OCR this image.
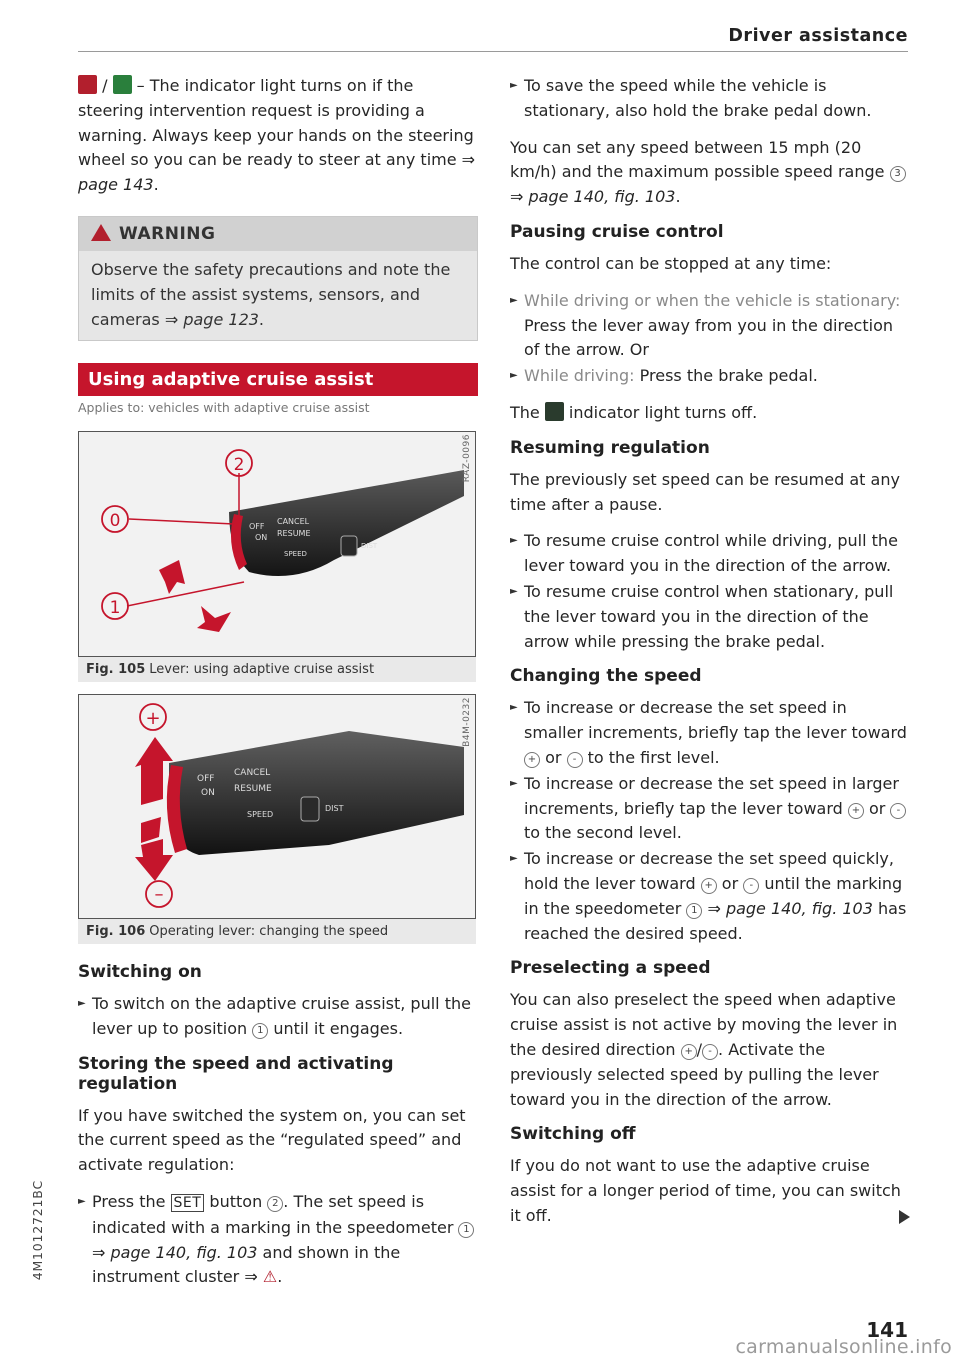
Driver assistance

/  – The indicator light turns on if the steering intervention request is providing a warning. Always keep your hands on the steering wheel so you can be ready to steer at any time ⇒ page 143.

WARNING
Observe the safety precautions and note the limits of the assist systems, sensors, and cameras ⇒ page 123.
Using adaptive cruise assist
Applies to: vehicles with adaptive cruise assist
RAZ-0096
OFF
CANCEL
ON RESUME
SPEED
DIST
2
0
1
Fig. 105 Lever: using adaptive cruise assist
B4M-0232
OFF
CANCEL
ON RESUME
SPEED
DIST
+
–
Fig. 106 Operating lever: changing the speed
Switching on
► To switch on the adaptive cruise assist, pull the lever up to position 1 until it engages.
Storing the speed and activating regulation

If you have switched the system on, you can set the current speed as the “regulated speed” and activate regulation:

► Press the SET button 2 . The set speed is indicated with a marking in the speedometer 1 ⇒ page 140, fig. 103 and shown in the instrument cluster ⇒ ⚠.
► To save the speed while the vehicle is stationary, also hold the brake pedal down.

You can set any speed between 15 mph (20 km/h) and the maximum possible speed range 3 ⇒ page 140, fig. 103.

Pausing cruise control

The control can be stopped at any time:

► While driving or when the vehicle is stationary: Press the lever away from you in the direction of the arrow. Or
► While driving: Press the brake pedal.

The  indicator light turns off.

Resuming regulation

The previously set speed can be resumed at any time after a pause.

► To resume cruise control while driving, pull the lever toward you in the direction of the arrow.
► To resume cruise control when stationary, pull the lever toward you in the direction of the arrow while pressing the brake pedal.
Changing the speed
► To increase or decrease the set speed in smaller increments, briefly tap the lever toward + or - to the first level.
► To increase or decrease the set speed in larger increments, briefly tap the lever toward + or - to the second level.
► To increase or decrease the set speed quickly, hold the lever toward + or - until the marking in the speedometer 1 ⇒ page 140, fig. 103 has reached the desired speed.
Preselecting a speed

You can also preselect the speed when adaptive cruise assist is not active by moving the lever in the desired direction + / - . Activate the previously selected speed by pulling the lever toward you in the direction of the arrow.

Switching off

If you do not want to use the adaptive cruise assist for a longer period of time, you can switch it off.

4M1012721BC
141
carmanualsonline.info
